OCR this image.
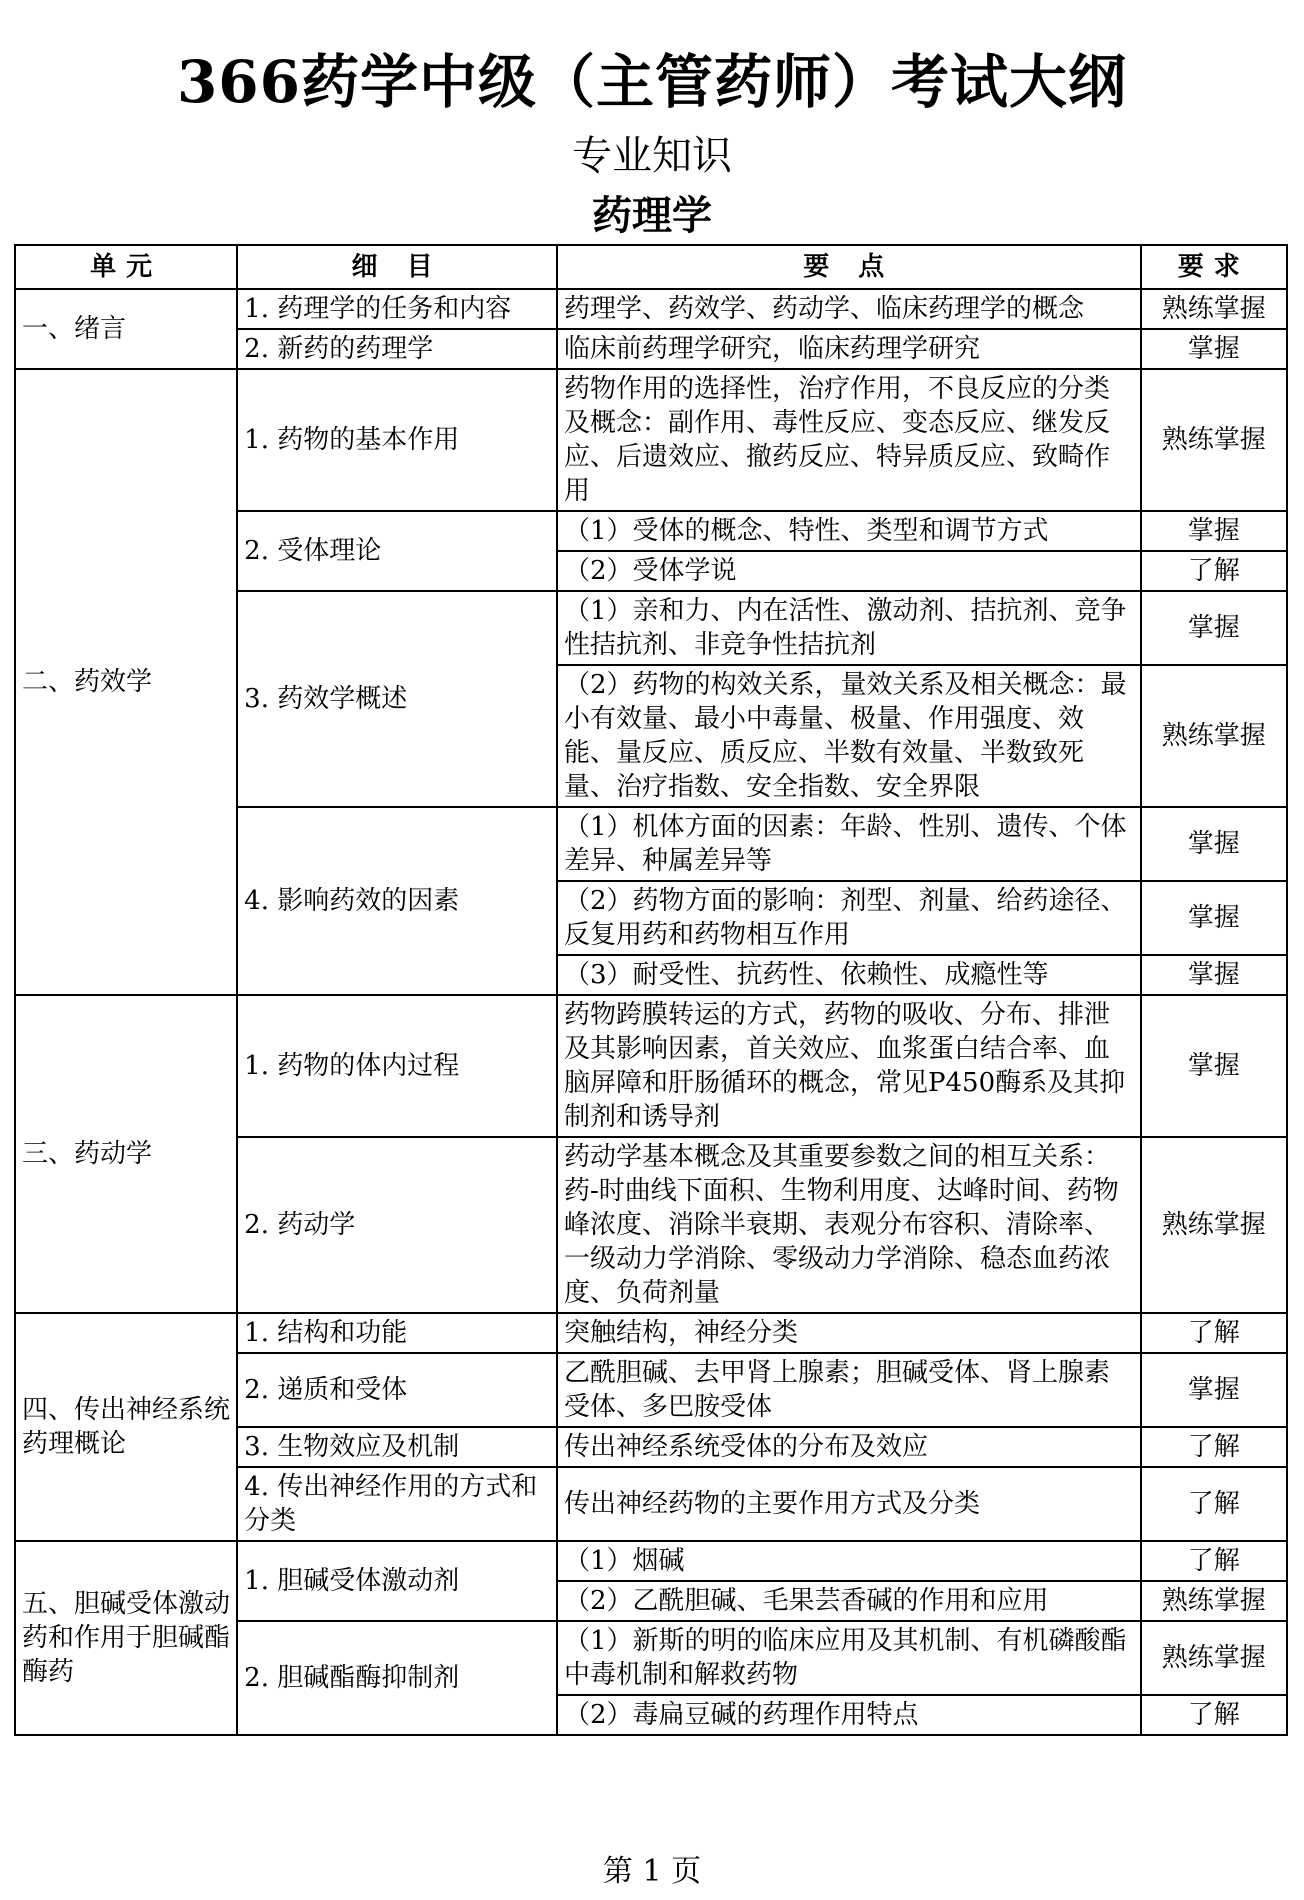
366药学中级（主管药师）考试大纲
专业知识
药理学
单元	细 目	要 点	要求
一、绪言	1. 药理学的任务和内容	药理学、药效学、药动学、临床药理学的概念	熟练掌握
	2. 新药的药理学	临床前药理学研究，临床药理学研究	掌握
二、药效学	1. 药物的基本作用	药物作用的选择性，治疗作用，不良反应的分类及概念：副作用、毒性反应、变态反应、继发反应、后遗效应、撤药反应、特异质反应、致畸作用	熟练掌握
	2. 受体理论	（1）受体的概念、特性、类型和调节方式	掌握
		（2）受体学说	了解
	3. 药效学概述	（1）亲和力、内在活性、激动剂、拮抗剂、竞争性拮抗剂、非竞争性拮抗剂	掌握
		（2）药物的构效关系，量效关系及相关概念：最小有效量、最小中毒量、极量、作用强度、效能、量反应、质反应、半数有效量、半数致死量、治疗指数、安全指数、安全界限	熟练掌握
	4. 影响药效的因素	（1）机体方面的因素：年龄、性别、遗传、个体差异、种属差异等	掌握
		（2）药物方面的影响：剂型、剂量、给药途径、反复用药和药物相互作用	掌握
		（3）耐受性、抗药性、依赖性、成瘾性等	掌握
三、药动学	1. 药物的体内过程	药物跨膜转运的方式，药物的吸收、分布、排泄及其影响因素，首关效应、血浆蛋白结合率、血脑屏障和肝肠循环的概念，常见P450酶系及其抑制剂和诱导剂	掌握
	2. 药动学	药动学基本概念及其重要参数之间的相互关系：药-时曲线下面积、生物利用度、达峰时间、药物峰浓度、消除半衰期、表观分布容积、清除率、一级动力学消除、零级动力学消除、稳态血药浓度、负荷剂量	熟练掌握
四、传出神经系统药理概论	1. 结构和功能	突触结构，神经分类	了解
	2. 递质和受体	乙酰胆碱、去甲肾上腺素；胆碱受体、肾上腺素受体、多巴胺受体	掌握
	3. 生物效应及机制	传出神经系统受体的分布及效应	了解
	4. 传出神经作用的方式和分类	传出神经药物的主要作用方式及分类	了解
五、胆碱受体激动药和作用于胆碱酯酶药	1. 胆碱受体激动剂	（1）烟碱	了解
		（2）乙酰胆碱、毛果芸香碱的作用和应用	熟练掌握
	2. 胆碱酯酶抑制剂	（1）新斯的明的临床应用及其机制、有机磷酸酯中毒机制和解救药物	熟练掌握
		（2）毒扁豆碱的药理作用特点	了解
第 1 页
